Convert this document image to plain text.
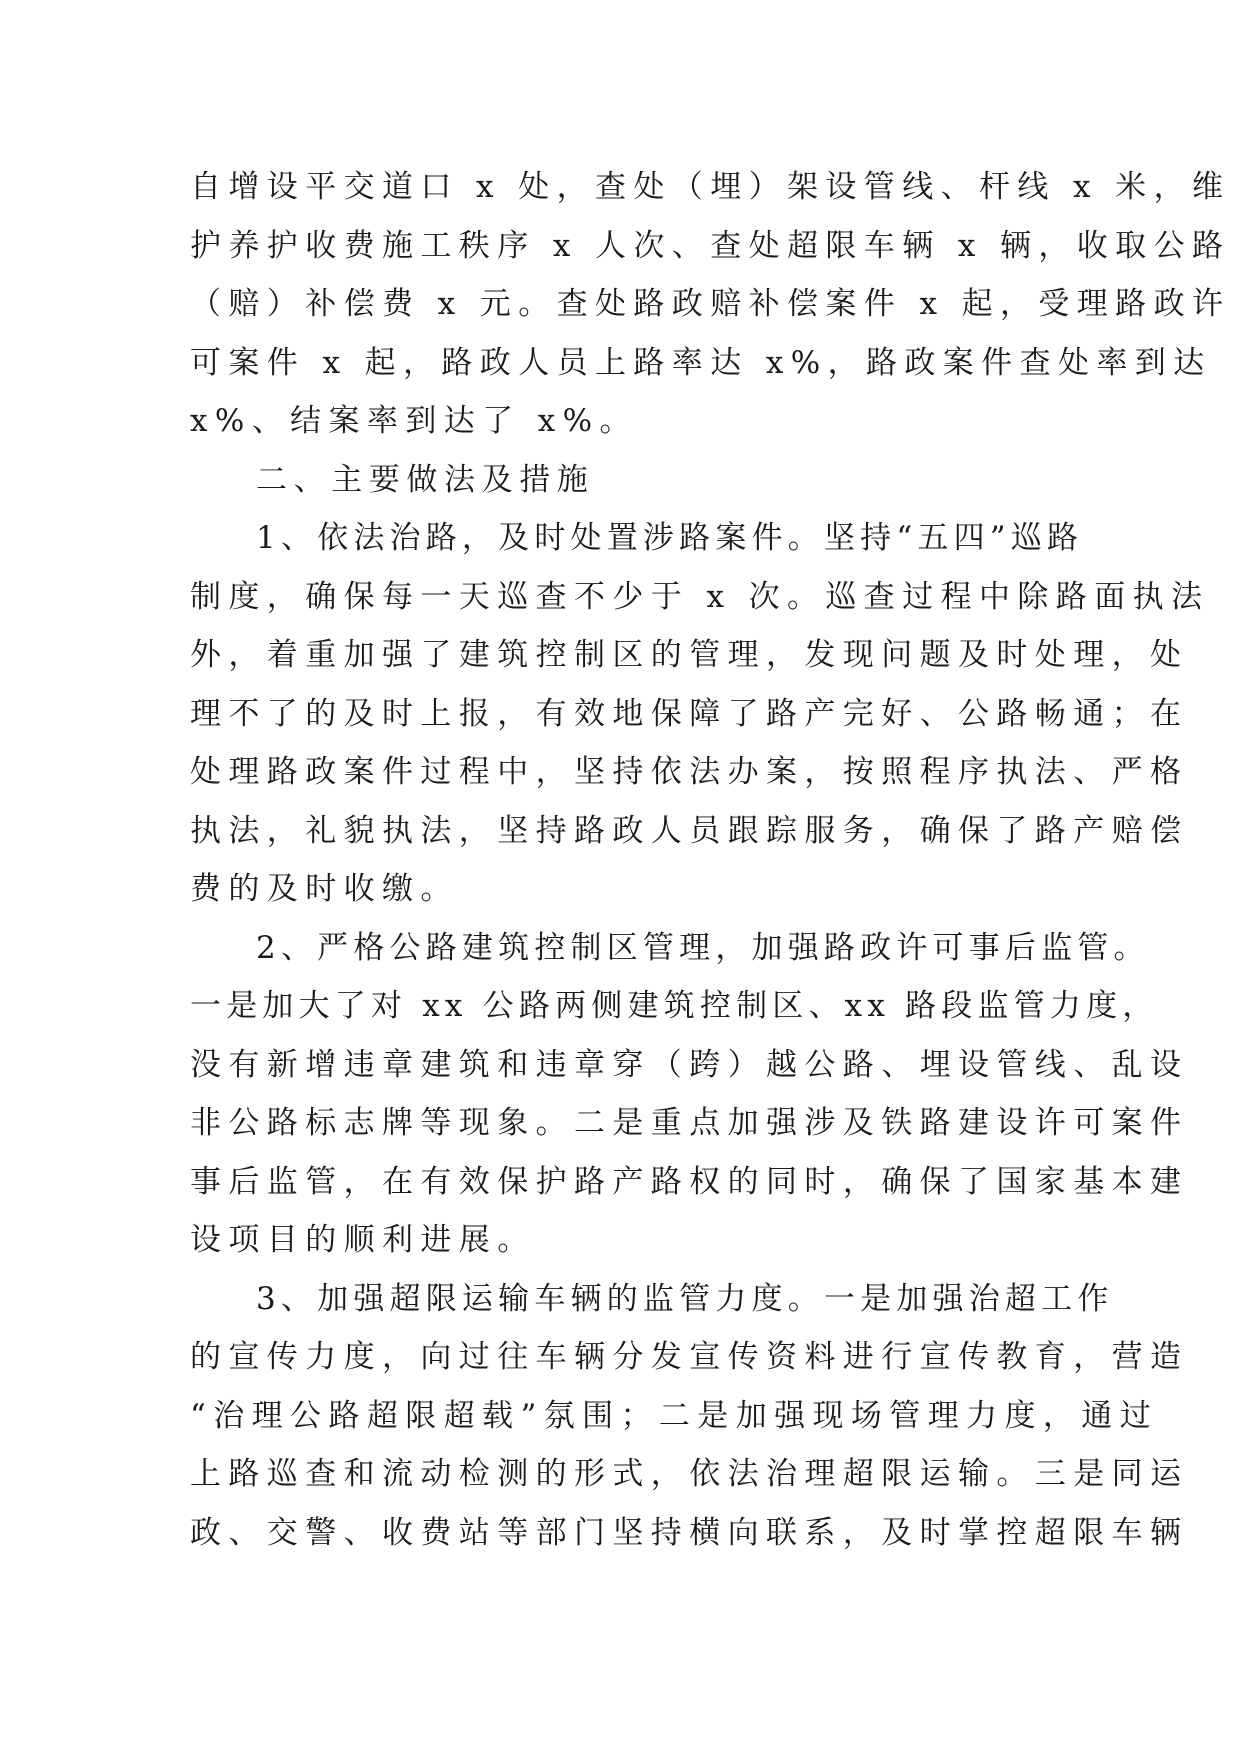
自增设平交道口 x 处，查处（埋）架设管线、杆线 x 米，维
护养护收费施工秩序 x 人次、查处超限车辆 x 辆，收取公路
（赔）补偿费 x 元。查处路政赔补偿案件 x 起，受理路政许
可案件 x 起，路政人员上路率达 x%，路政案件查处率到达
x%、结案率到达了 x%。
二、主要做法及措施
1、依法治路，及时处置涉路案件。坚持“五四”巡路
制度，确保每一天巡查不少于 x 次。巡查过程中除路面执法
外，着重加强了建筑控制区的管理，发现问题及时处理，处
理不了的及时上报，有效地保障了路产完好、公路畅通；在
处理路政案件过程中，坚持依法办案，按照程序执法、严格
执法，礼貌执法，坚持路政人员跟踪服务，确保了路产赔偿
费的及时收缴。
2、严格公路建筑控制区管理，加强路政许可事后监管。
一是加大了对 xx 公路两侧建筑控制区、xx 路段监管力度，
没有新增违章建筑和违章穿（跨）越公路、埋设管线、乱设
非公路标志牌等现象。二是重点加强涉及铁路建设许可案件
事后监管，在有效保护路产路权的同时，确保了国家基本建
设项目的顺利进展。
3、加强超限运输车辆的监管力度。一是加强治超工作
的宣传力度，向过往车辆分发宣传资料进行宣传教育，营造
“治理公路超限超载”氛围；二是加强现场管理力度，通过
上路巡查和流动检测的形式，依法治理超限运输。三是同运
政、交警、收费站等部门坚持横向联系，及时掌控超限车辆
